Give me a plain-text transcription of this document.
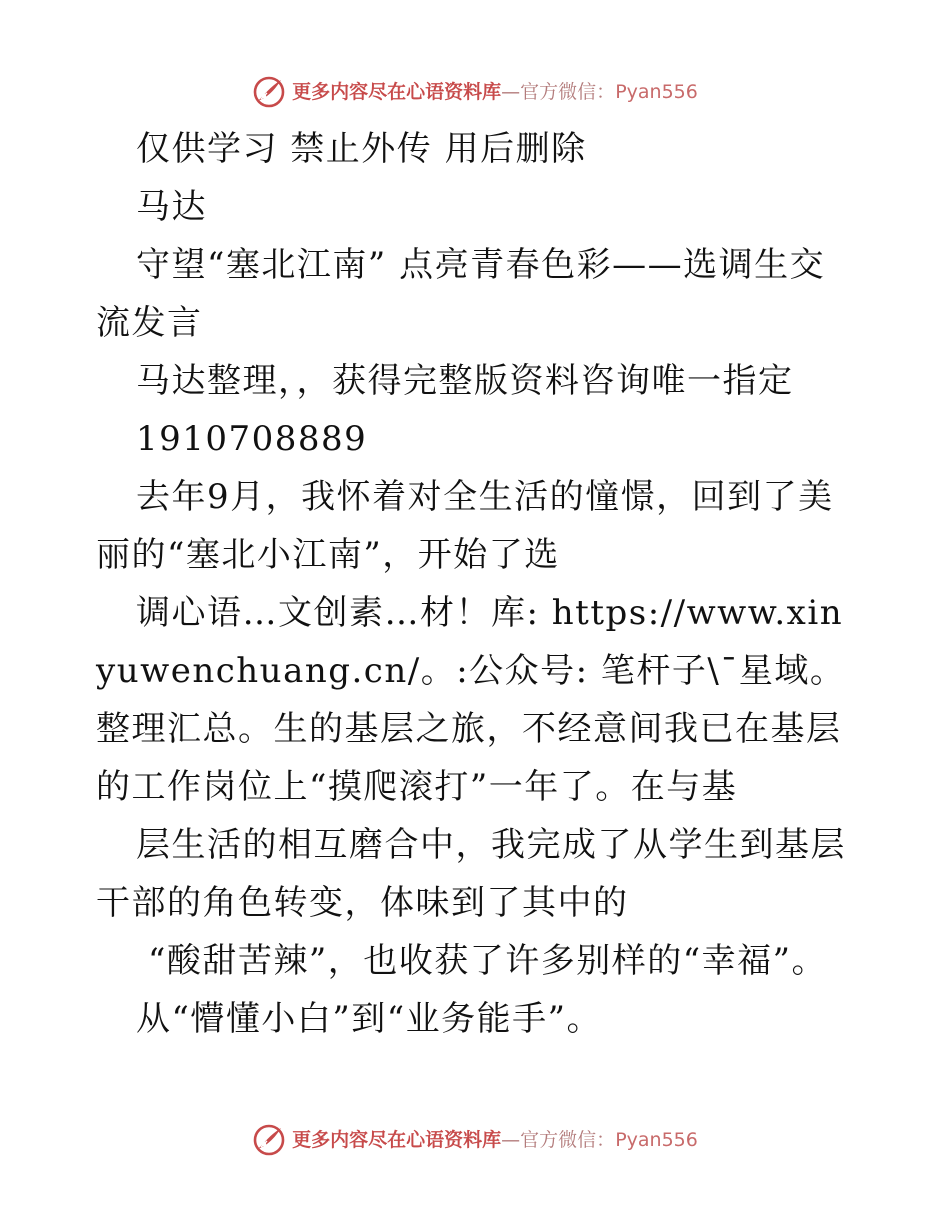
更多内容尽在心语资料库—官方微信：Pyan556

仅供学习 禁止外传 用后删除

马达

守望“塞北江南” 点亮青春色彩——选调生交流发言

马达整理，，获得完整版资料咨询唯一指定

1910708889

去年9月，我怀着对全生活的憧憬，回到了美丽的“塞北小江南”，开始了选

调心语…文创素…材！库: https://www.xinyuwenchuang.cn/。:公众号: 笔杆子\¯星域。整理汇总。生的基层之旅，不经意间我已在基层的工作岗位上“摸爬滚打”一年了。在与基

层生活的相互磨合中，我完成了从学生到基层干部的角色转变，体味到了其中的

“酸甜苦辣”，也收获了许多别样的“幸福”。

从“懵懂小白”到“业务能手”。

更多内容尽在心语资料库—官方微信：Pyan556
